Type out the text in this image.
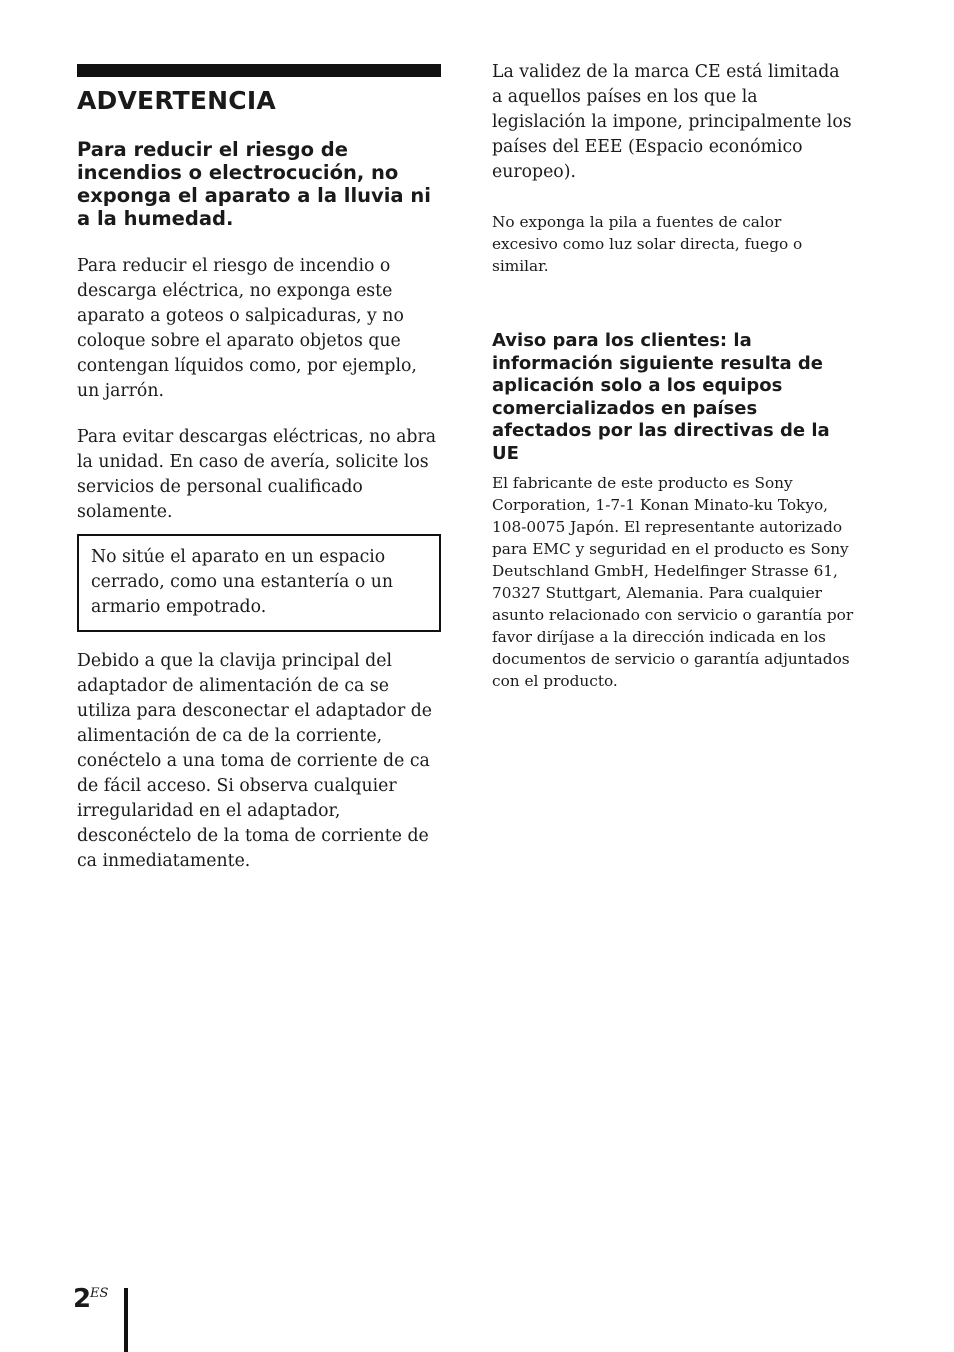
ADVERTENCIA

Para reducir el riesgo de incendios o electrocución, no exponga el aparato a la lluvia ni a la humedad.

Para reducir el riesgo de incendio o descarga eléctrica, no exponga este aparato a goteos o salpicaduras, y no coloque sobre el aparato objetos que contengan líquidos como, por ejemplo, un jarrón.

Para evitar descargas eléctricas, no abra la unidad. En caso de avería, solicite los servicios de personal cualificado solamente.

No sitúe el aparato en un espacio cerrado, como una estantería o un armario empotrado.

Debido a que la clavija principal del adaptador de alimentación de ca se utiliza para desconectar el adaptador de alimentación de ca de la corriente, conéctelo a una toma de corriente de ca de fácil acceso. Si observa cualquier irregularidad en el adaptador, desconéctelo de la toma de corriente de ca inmediatamente.

La validez de la marca CE está limitada a aquellos países en los que la legislación la impone, principalmente los países del EEE (Espacio económico europeo).

No exponga la pila a fuentes de calor excesivo como luz solar directa, fuego o similar.

Aviso para los clientes: la información siguiente resulta de aplicación solo a los equipos comercializados en países afectados por las directivas de la UE

El fabricante de este producto es Sony Corporation, 1-7-1 Konan Minato-ku Tokyo, 108-0075 Japón. El representante autorizado para EMC y seguridad en el producto es Sony Deutschland GmbH, Hedelfinger Strasse 61, 70327 Stuttgart, Alemania. Para cualquier asunto relacionado con servicio o garantía por favor diríjase a la dirección indicada en los documentos de servicio o garantía adjuntados con el producto.

2
ES
